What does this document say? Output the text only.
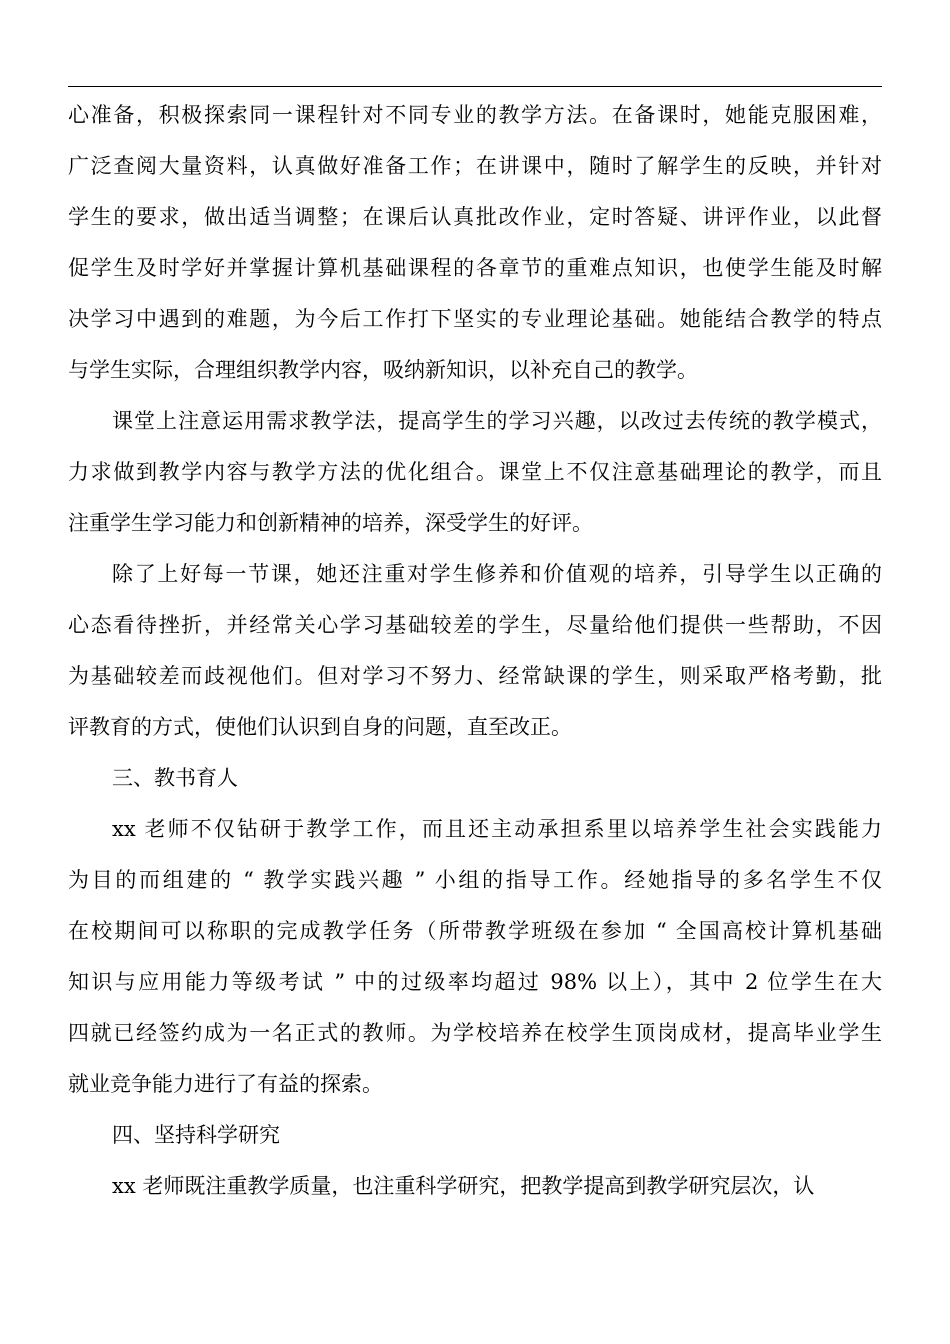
心准备，积极探索同一课程针对不同专业的教学方法。在备课时，她能克服困难，
广泛查阅大量资料，认真做好准备工作；在讲课中，随时了解学生的反映，并针对
学生的要求，做出适当调整；在课后认真批改作业，定时答疑、讲评作业，以此督
促学生及时学好并掌握计算机基础课程的各章节的重难点知识，也使学生能及时解
决学习中遇到的难题，为今后工作打下坚实的专业理论基础。她能结合教学的特点
与学生实际，合理组织教学内容，吸纳新知识，以补充自己的教学。
课堂上注意运用需求教学法，提高学生的学习兴趣，以改过去传统的教学模式，
力求做到教学内容与教学方法的优化组合。课堂上不仅注意基础理论的教学，而且
注重学生学习能力和创新精神的培养，深受学生的好评。
除了上好每一节课，她还注重对学生修养和价值观的培养，引导学生以正确的
心态看待挫折，并经常关心学习基础较差的学生，尽量给他们提供一些帮助，不因
为基础较差而歧视他们。但对学习不努力、经常缺课的学生，则采取严格考勤，批
评教育的方式，使他们认识到自身的问题，直至改正。
三、教书育人
xx 老师不仅钻研于教学工作，而且还主动承担系里以培养学生社会实践能力
为目的而组建的 “ 教学实践兴趣 ” 小组的指导工作。经她指导的多名学生不仅
在校期间可以称职的完成教学任务（所带教学班级在参加 “ 全国高校计算机基础
知识与应用能力等级考试 ” 中的过级率均超过 98% 以上），其中 2 位学生在大
四就已经签约成为一名正式的教师。为学校培养在校学生顶岗成材，提高毕业学生
就业竞争能力进行了有益的探索。
四、坚持科学研究
xx 老师既注重教学质量，也注重科学研究，把教学提高到教学研究层次，认
